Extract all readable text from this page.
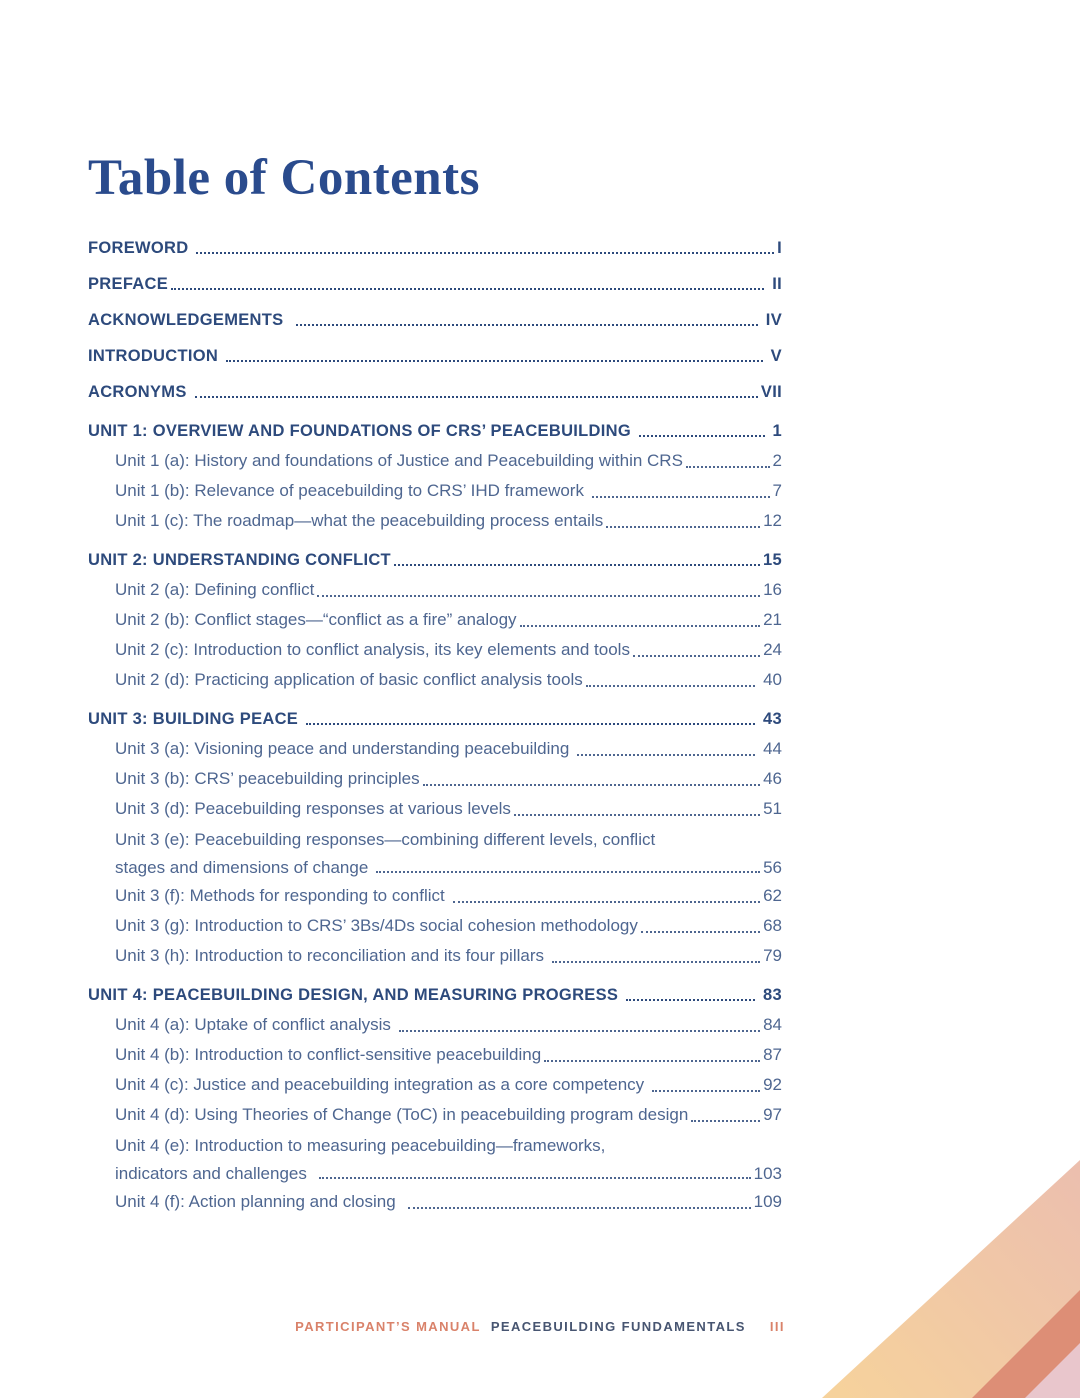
Table of Contents
FOREWORD	I
PREFACE	II
ACKNOWLEDGEMENTS	IV
INTRODUCTION	V
ACRONYMS	VII
UNIT 1: OVERVIEW AND FOUNDATIONS OF CRS’ PEACEBUILDING	1
Unit 1 (a): History and foundations of Justice and Peacebuilding within CRS	2
Unit 1 (b): Relevance of peacebuilding to CRS’ IHD framework	7
Unit 1 (c): The roadmap—what the peacebuilding process entails	12
UNIT 2: UNDERSTANDING CONFLICT	15
Unit 2 (a): Defining conflict	16
Unit 2 (b): Conflict stages—“conflict as a fire” analogy	21
Unit 2 (c): Introduction to conflict analysis, its key elements and tools	24
Unit 2 (d): Practicing application of basic conflict analysis tools	40
UNIT 3: BUILDING PEACE	43
Unit 3 (a): Visioning peace and understanding peacebuilding	44
Unit 3 (b): CRS’ peacebuilding principles	46
Unit 3 (d): Peacebuilding responses at various levels	51
Unit 3 (e): Peacebuilding responses—combining different levels, conflict
stages and dimensions of change	56
Unit 3 (f): Methods for responding to conflict	62
Unit 3 (g): Introduction to CRS’ 3Bs/4Ds social cohesion methodology	68
Unit 3 (h): Introduction to reconciliation and its four pillars	79
UNIT 4: PEACEBUILDING DESIGN, AND MEASURING PROGRESS	83
Unit 4 (a): Uptake of conflict analysis	84
Unit 4 (b): Introduction to conflict-sensitive peacebuilding	87
Unit 4 (c): Justice and peacebuilding integration as a core competency	92
Unit 4 (d): Using Theories of Change (ToC) in peacebuilding program design	97
Unit 4 (e): Introduction to measuring peacebuilding—frameworks,
indicators and challenges	103
Unit 4 (f): Action planning and closing	109
PARTICIPANT’S MANUAL PEACEBUILDING FUNDAMENTALS III
